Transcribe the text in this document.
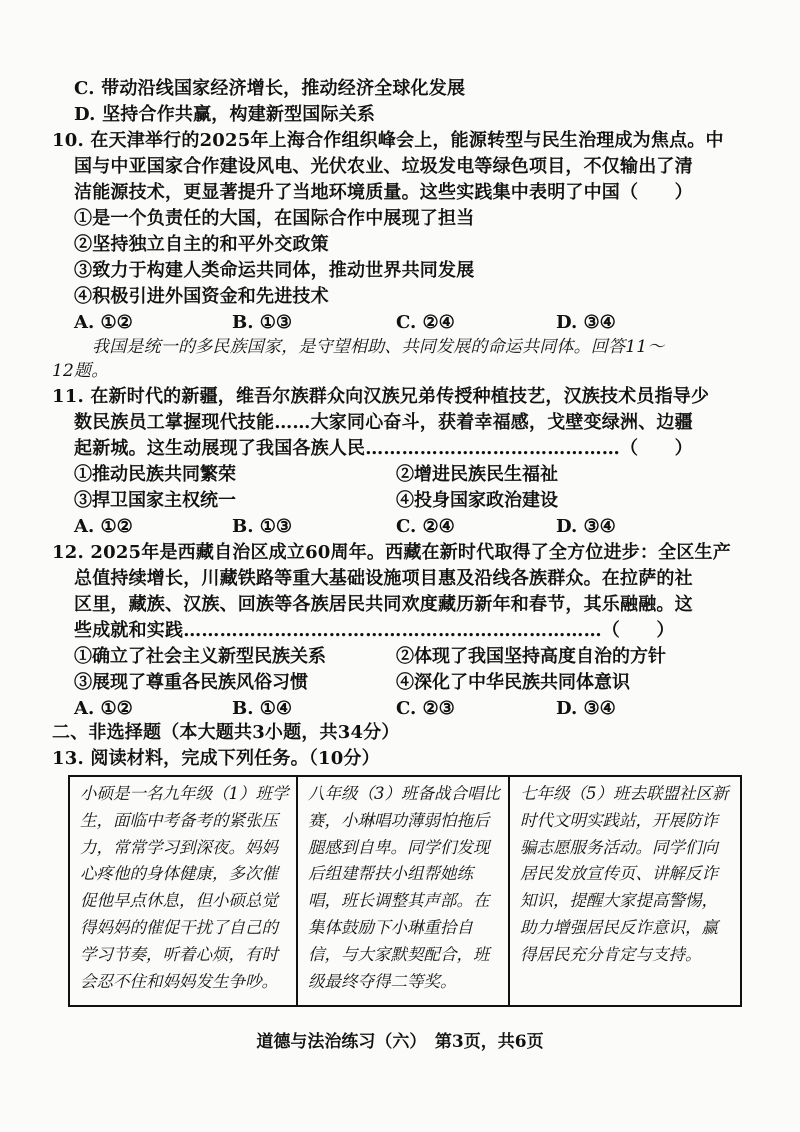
C. 带动沿线国家经济增长，推动经济全球化发展
D. 坚持合作共赢，构建新型国际关系
10. 在天津举行的2025年上海合作组织峰会上，能源转型与民生治理成为焦点。中
国与中亚国家合作建设风电、光伏农业、垃圾发电等绿色项目，不仅输出了清
洁能源技术，更显著提升了当地环境质量。这些实践集中表明了中国（　　）
①是一个负责任的大国，在国际合作中展现了担当
②坚持独立自主的和平外交政策
③致力于构建人类命运共同体，推动世界共同发展
④积极引进外国资金和先进技术
A. ①②	B. ①③	C. ②④	D. ③④
我国是统一的多民族国家，是守望相助、共同发展的命运共同体。回答11～
12题。
11. 在新时代的新疆，维吾尔族群众向汉族兄弟传授种植技艺，汉族技术员指导少
数民族员工掌握现代技能……大家同心奋斗，获着幸福感，戈壁变绿洲、边疆
起新城。这生动展现了我国各族人民……………………………………（　　）
①推动民族共同繁荣	②增进民族民生福祉
③捍卫国家主权统一	④投身国家政治建设
A. ①②	B. ①③	C. ②④	D. ③④
12. 2025年是西藏自治区成立60周年。西藏在新时代取得了全方位进步：全区生产
总值持续增长，川藏铁路等重大基础设施项目惠及沿线各族群众。在拉萨的社
区里，藏族、汉族、回族等各族居民共同欢度藏历新年和春节，其乐融融。这
些成就和实践……………………………………………………………（　　）
①确立了社会主义新型民族关系	②体现了我国坚持高度自治的方针
③展现了尊重各民族风俗习惯	④深化了中华民族共同体意识
A. ①②	B. ①④	C. ②③	D. ③④
二、非选择题（本大题共3小题，共34分）

小硕是一名九年级（1）班学生，面临中考备考的紧张压力，常常学习到深夜。妈妈心疼他的身体健康，多次催促他早点休息，但小硕总觉得妈妈的催促干扰了自己的学习节奏，听着心烦，有时会忍不住和妈妈发生争吵。

八年级（3）班备战合唱比赛，小琳唱功薄弱怕拖后腿感到自卑。同学们发现后组建帮扶小组帮她练唱，班长调整其声部。在集体鼓励下小琳重拾自信，与大家默契配合，班级最终夺得二等奖。

七年级（5）班去联盟社区新时代文明实践站，开展防诈骗志愿服务活动。同学们向居民发放宣传页、讲解反诈知识，提醒大家提高警惕，助力增强居民反诈意识，赢得居民充分肯定与支持。

道德与法治练习（六）　第3页，共6页
13. 阅读材料，完成下列任务。（10分）
